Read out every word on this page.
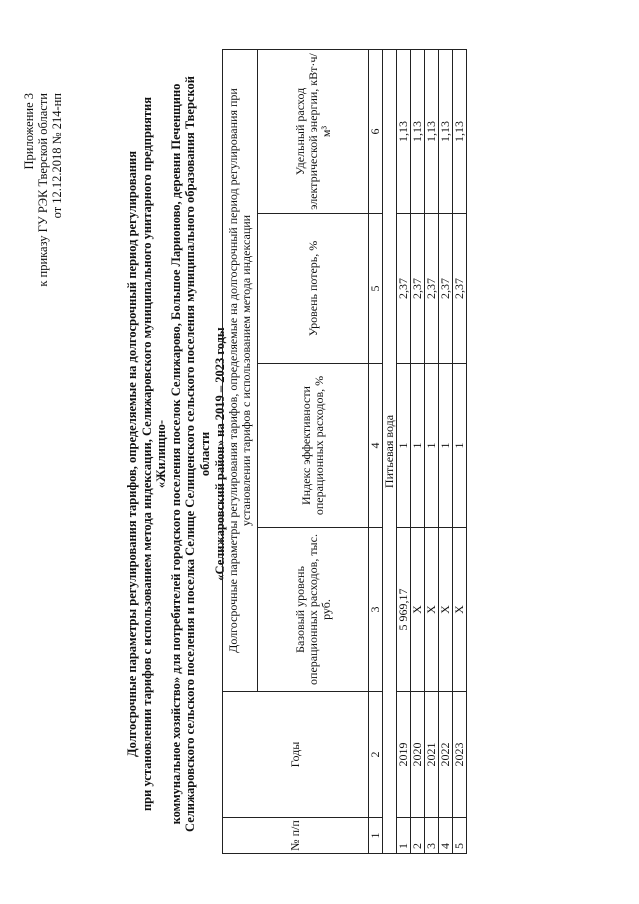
Приложение 3 к приказу ГУ РЭК Тверской области от 12.12.2018 № 214-нп	Долгосрочные параметры регулирования тарифов, определяемые на долгосрочный период регулирования при установлении тарифов с использованием метода индексации, Селижаровского муниципального унитарного предприятия «Жилищно- коммунальное хозяйство» для потребителей городского поселения поселок Селижарово, Большое Ларионово, деревни Печенщино Селижаровского сельского поселения и поселка Селище Селищенского сельского поселения муниципального образования Тверской области «Селижаровский район» на 2019 – 2023 годы
№ п/п	Годы	Долгосрочные параметры регулирования тарифов, определяемые на долгосрочный период регулирования при установлении тарифов с использованием метода индексации			
		Базовый уровень операционных расходов, тыс. руб.	Индекс эффективности операционных расходов, %	Уровень потерь, %	Удельный расход электрической энергии, кВт·ч/м³
1	2	3	4	5	6
Питьевая вода					
1	2019	5 969,17	1	2,37	1,13
2	2020	X	1	2,37	1,13
3	2021	X	1	2,37	1,13
4	2022	X	1	2,37	1,13
5	2023	X	1	2,37	1,13
